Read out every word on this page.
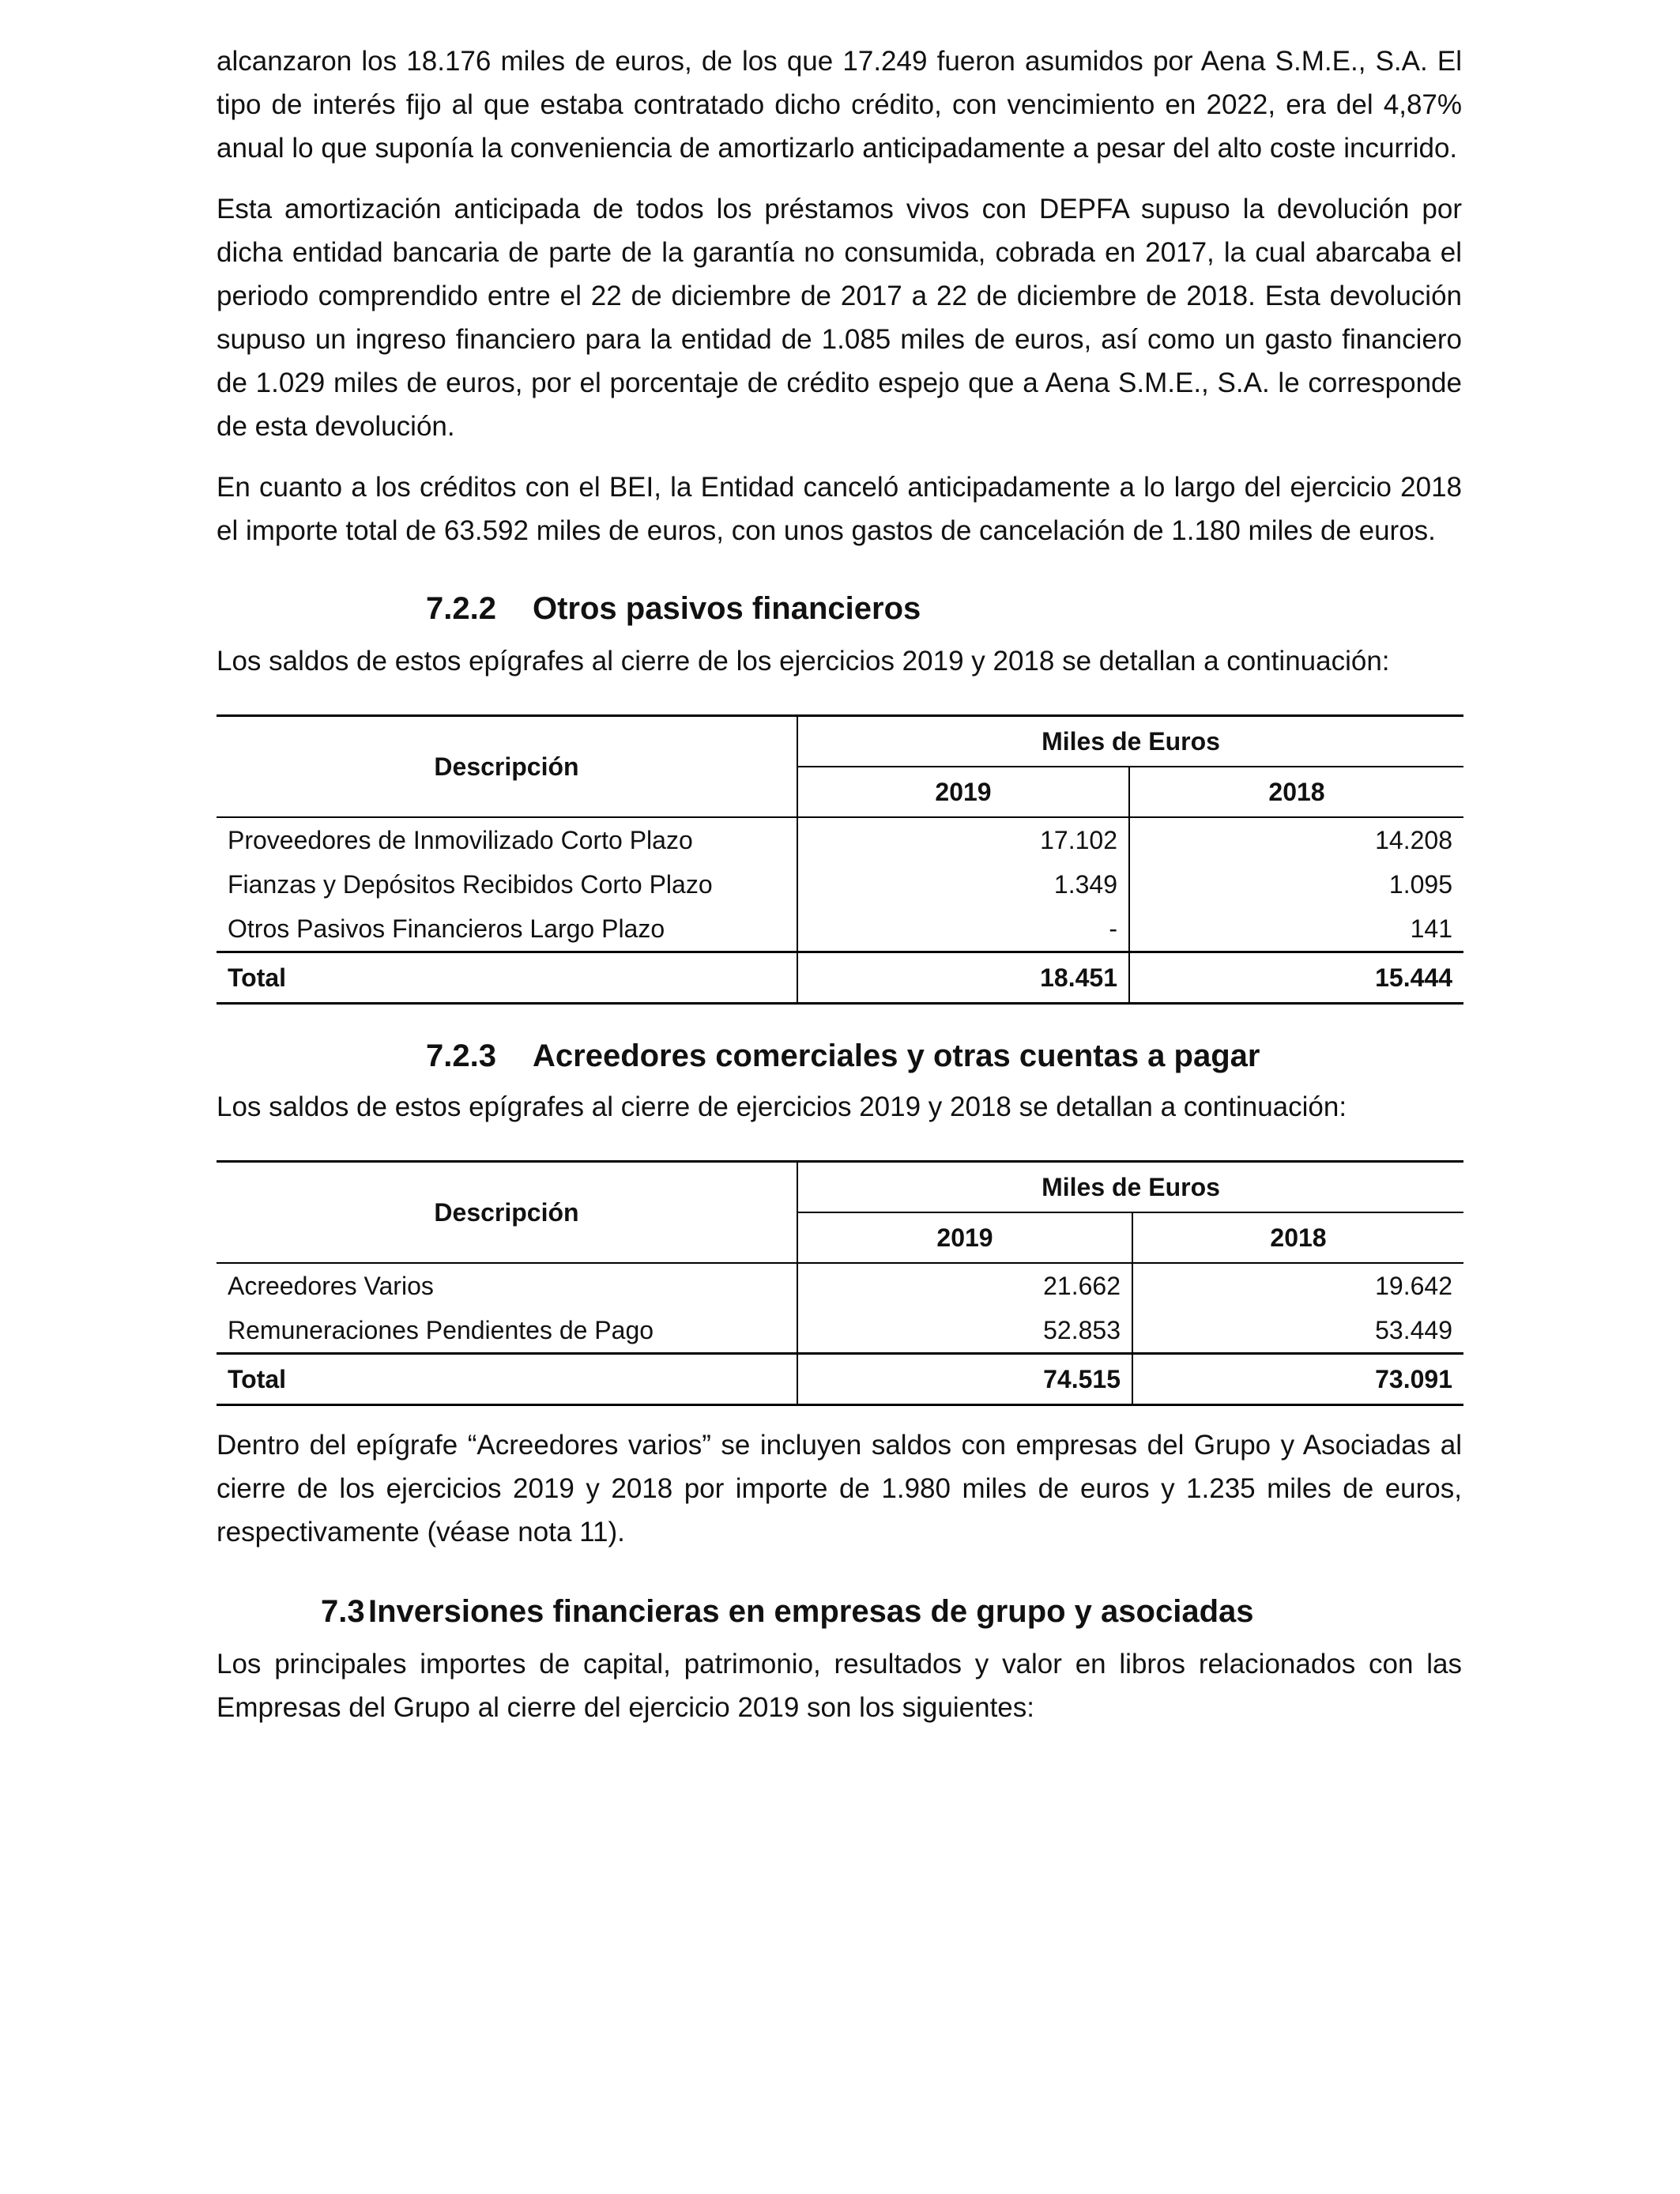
alcanzaron los 18.176 miles de euros, de los que 17.249 fueron asumidos por Aena S.M.E., S.A. El tipo de interés fijo al que estaba contratado dicho crédito, con vencimiento en 2022, era del 4,87% anual lo que suponía la conveniencia de amortizarlo anticipadamente a pesar del alto coste incurrido.

Esta amortización anticipada de todos los préstamos vivos con DEPFA supuso la devolución por dicha entidad bancaria de parte de la garantía no consumida, cobrada en 2017, la cual abarcaba el periodo comprendido entre el 22 de diciembre de 2017 a 22 de diciembre de 2018. Esta devolución supuso un ingreso financiero para la entidad de 1.085 miles de euros, así como un gasto financiero de 1.029 miles de euros, por el porcentaje de crédito espejo que a Aena S.M.E., S.A. le corresponde de esta devolución.

En cuanto a los créditos con el BEI, la Entidad canceló anticipadamente a lo largo del ejercicio 2018 el importe total de 63.592 miles de euros, con unos gastos de cancelación de 1.180 miles de euros.

7.2.2 Otros pasivos financieros

Los saldos de estos epígrafes al cierre de los ejercicios 2019 y 2018 se detallan a continuación:

Descripción	Miles de Euros	
	2019	2018
Proveedores de Inmovilizado Corto Plazo	17.102	14.208
Fianzas y Depósitos Recibidos Corto Plazo	1.349	1.095
Otros Pasivos Financieros Largo Plazo	-	141
Total	18.451	15.444
7.2.3 Acreedores comerciales y otras cuentas a pagar

Los saldos de estos epígrafes al cierre de ejercicios 2019 y 2018 se detallan a continuación:

Descripción	Miles de Euros	
	2019	2018
Acreedores Varios	21.662	19.642
Remuneraciones Pendientes de Pago	52.853	53.449
Total	74.515	73.091

Dentro del epígrafe “Acreedores varios” se incluyen saldos con empresas del Grupo y Asociadas al cierre de los ejercicios 2019 y 2018 por importe de 1.980 miles de euros y 1.235 miles de euros, respectivamente (véase nota 11).

7.3 Inversiones financieras en empresas de grupo y asociadas

Los principales importes de capital, patrimonio, resultados y valor en libros relacionados con las Empresas del Grupo al cierre del ejercicio 2019 son los siguientes:
